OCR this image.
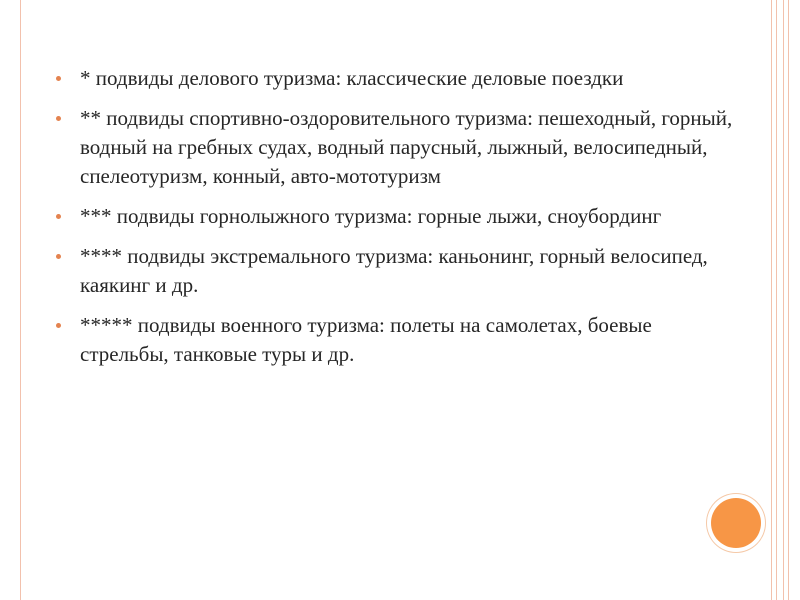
* подвиды делового туризма: классические деловые поездки
** подвиды спортивно-оздоровительного туризма: пешеходный, горный, водный на гребных судах, водный парусный, лыжный, велосипедный, спелеотуризм, конный, авто-мототуризм
*** подвиды горнолыжного туризма: горные лыжи, сноубординг
**** подвиды экстремального туризма: каньонинг, горный велосипед, каякинг и др.
***** подвиды военного туризма: полеты на самолетах, боевые стрельбы, танковые туры и др.
